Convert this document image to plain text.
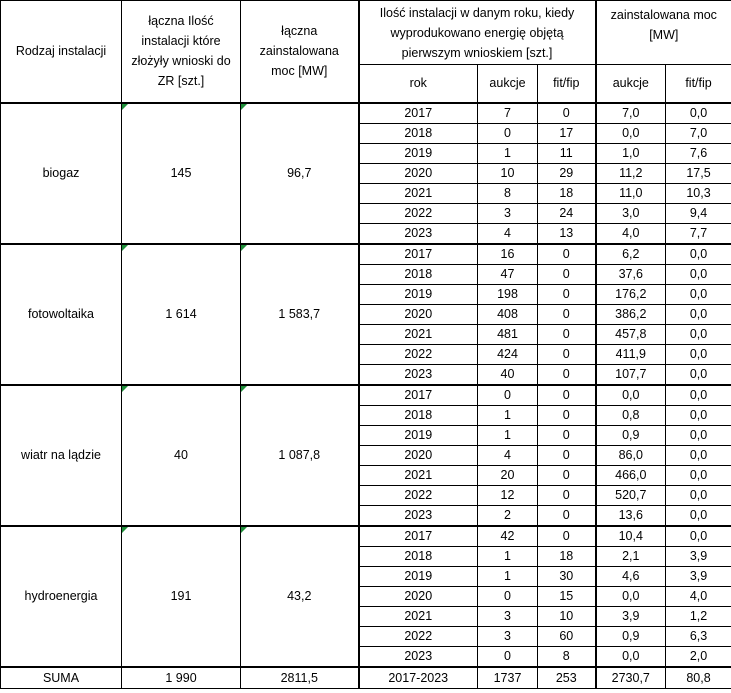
Rodzaj instalacji	łączna Ilość instalacji które złożyły wnioski do ZR [szt.]	łączna zainstalowana moc [MW]	Ilość instalacji w danym roku, kiedy wyprodukowano energię objętą pierwszym wnioskiem [szt.]			zainstalowana moc [MW]	
			rok	aukcje	fit/fip	aukcje	fit/fip
biogaz	145	96,7	2017	7	0	7,0	0,0
			2018	0	17	0,0	7,0
			2019	1	11	1,0	7,6
			2020	10	29	11,2	17,5
			2021	8	18	11,0	10,3
			2022	3	24	3,0	9,4
			2023	4	13	4,0	7,7
fotowoltaika	1 614	1 583,7	2017	16	0	6,2	0,0
			2018	47	0	37,6	0,0
			2019	198	0	176,2	0,0
			2020	408	0	386,2	0,0
			2021	481	0	457,8	0,0
			2022	424	0	411,9	0,0
			2023	40	0	107,7	0,0
wiatr na lądzie	40	1 087,8	2017	0	0	0,0	0,0
			2018	1	0	0,8	0,0
			2019	1	0	0,9	0,0
			2020	4	0	86,0	0,0
			2021	20	0	466,0	0,0
			2022	12	0	520,7	0,0
			2023	2	0	13,6	0,0
hydroenergia	191	43,2	2017	42	0	10,4	0,0
			2018	1	18	2,1	3,9
			2019	1	30	4,6	3,9
			2020	0	15	0,0	4,0
			2021	3	10	3,9	1,2
			2022	3	60	0,9	6,3
			2023	0	8	0,0	2,0
SUMA	1 990	2811,5	2017-2023	1737	253	2730,7	80,8
